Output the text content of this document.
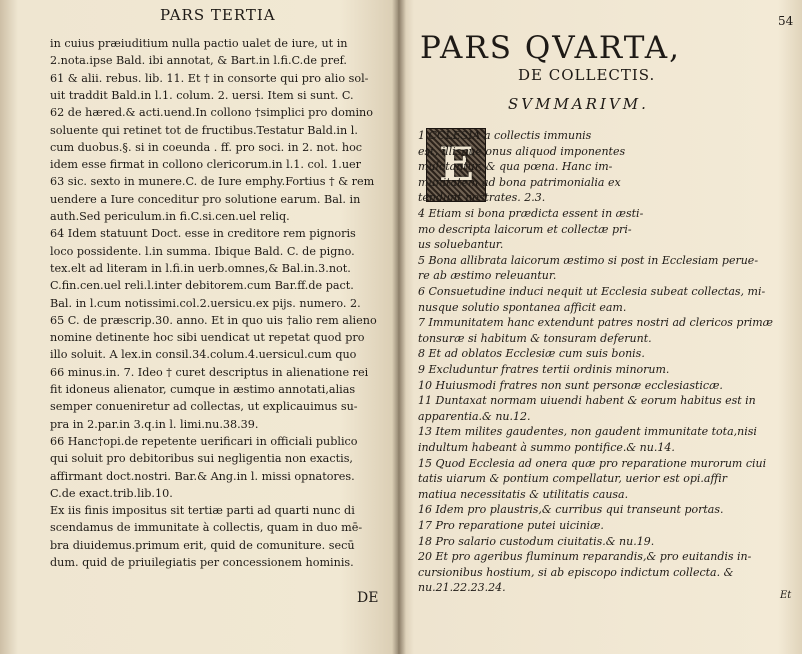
PARS TERTIA
in cuius præiuditium nulla pactio ualet de iure, ut in
2.nota.ipse Bald. ibi annotat, & Bart.in l.fi.C.de pref.
61 & alii. rebus. lib. 11. Et † in consorte qui pro alio sol-
uit traddit Bald.in l.1. colum. 2. uersi. Item si sunt. C.
62 de hæred.& acti.uend.In collono †simplici pro domino
soluente qui retinet tot de fructibus.Testatur Bald.in l.
cum duobus.§. si in coeunda . ff. pro soci. in 2. not. hoc
idem esse firmat in collono clericorum.in l.1. col. 1.uer
63 sic. sexto in munere.C. de Iure emphy.Fortius † & rem
uendere a Iure conceditur pro solutione earum. Bal. in
auth.Sed periculum.in fi.C.si.cen.uel reliq.
64 Idem statuunt Doct. esse in creditore rem pignoris
loco possidente. l.in summa. Ibique Bald. C. de pigno.
tex.elt ad literam in l.fi.in uerb.omnes,& Bal.in.3.not.
C.fin.cen.uel reli.l.inter debitorem.cum Bar.ff.de pact.
Bal. in l.cum notissimi.col.2.uersicu.ex pijs. numero. 2.
65 C. de præscrip.30. anno. Et in quo uis †alio rem alieno
nomine detinente hoc sibi uendicat ut repetat quod pro
illo soluit. A lex.in consil.34.colum.4.uersicul.cum quo
66 minus.in. 7. Ideo † curet descriptus in alienatione rei
fit idoneus alienator, cumque in æstimo annotati,alias
semper conueniretur ad collectas, ut explicauimus su-
pra in 2.par.in 3.q.in l. limi.nu.38.39.
66 Hanc†opi.de repetente uerificari in officiali publico
qui soluit pro debitoribus sui negligentia non exactis,
affirmant doct.nostri. Bar.& Ang.in l. missi opnatores.
C.de exact.trib.lib.10.
Ex iis finis impositus sit tertiæ parti ad quarti nunc di
scendamus de immunitate à collectis, quam in duo mē-
bra diuidemus.primum erit, quid de comuniture. secū
dum. quid de priuilegiatis per concessionem hominis.
DE
54
PARS QVARTA,
DE COLLECTIS.
SVMMARIVM.
E
1 CCLESIA a collectis immunis
est, illisque onus aliquod imponentes
mulctantur, & qua pœna. Hanc im-
munitatem ad bona patrimonialia ex
tendunt nostrates. 2.3.
4 Etiam si bona prædicta essent in æsti-
mo descripta laicorum et collectæ pri-
us soluebantur.
5 Bona allibrata laicorum æstimo si post in Ecclesiam perue-
re ab æstimo releuantur.
6 Consuetudine induci nequit ut Ecclesia subeat collectas, mi-
nusque solutio spontanea afficit eam.
7 Immunitatem hanc extendunt patres nostri ad clericos primæ
tonsuræ si habitum & tonsuram deferunt.
8 Et ad oblatos Ecclesiæ cum suis bonis.
9 Excluduntur fratres tertii ordinis minorum.
10 Huiusmodi fratres non sunt personæ ecclesiasticæ.
11 Duntaxat normam uiuendi habent & eorum habitus est in
apparentia.& nu.12.
13 Item milites gaudentes, non gaudent immunitate tota,nisi
indultum habeant à summo pontifice.& nu.14.
15 Quod Ecclesia ad onera quæ pro reparatione murorum ciui
tatis uiarum & pontium compellatur, uerior est opi.affir
matiua necessitatis & utilitatis causa.
16 Idem pro plaustris,& curribus qui transeunt portas.
17 Pro reparatione putei uiciniæ.
18 Pro salario custodum ciuitatis.& nu.19.
20 Et pro ageribus fluminum reparandis,& pro euitandis in-
cursionibus hostium, si ab episcopo indictum collecta. &
nu.21.22.23.24.
Et
